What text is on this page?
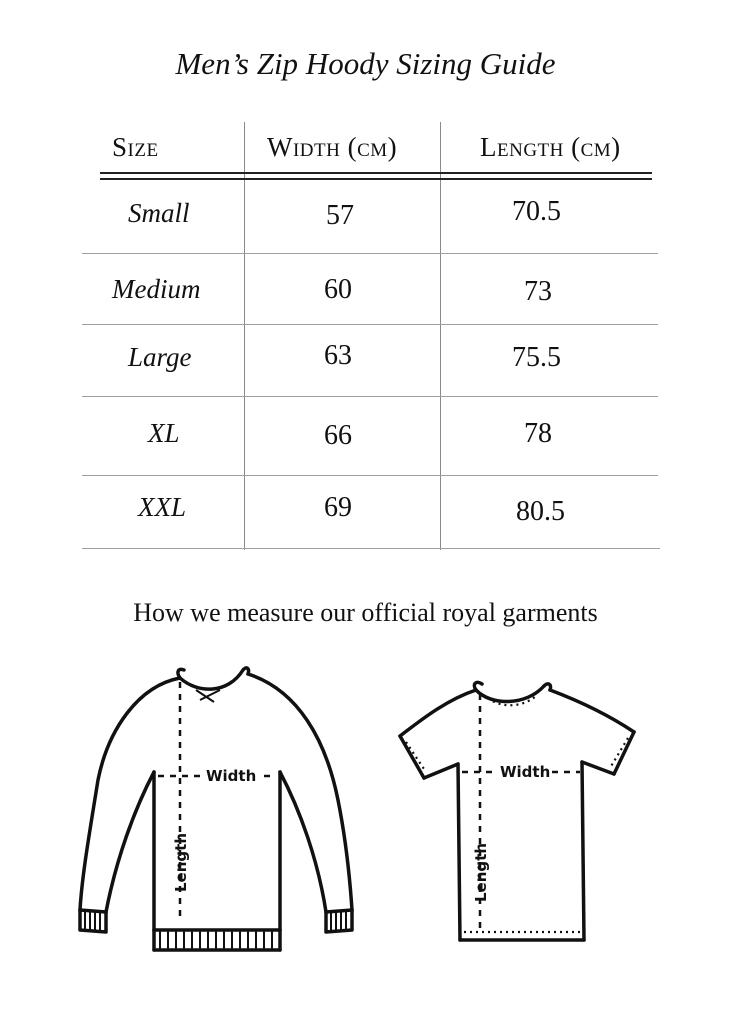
Men’s Zip Hoody Sizing Guide
Size	Width (cm)	Length (cm)
Small	57	70.5
Medium	60	73
Large	63	75.5
XL	66	78
XXL	69	80.5
How we measure our official royal garments
Width
Length
Width
Length
